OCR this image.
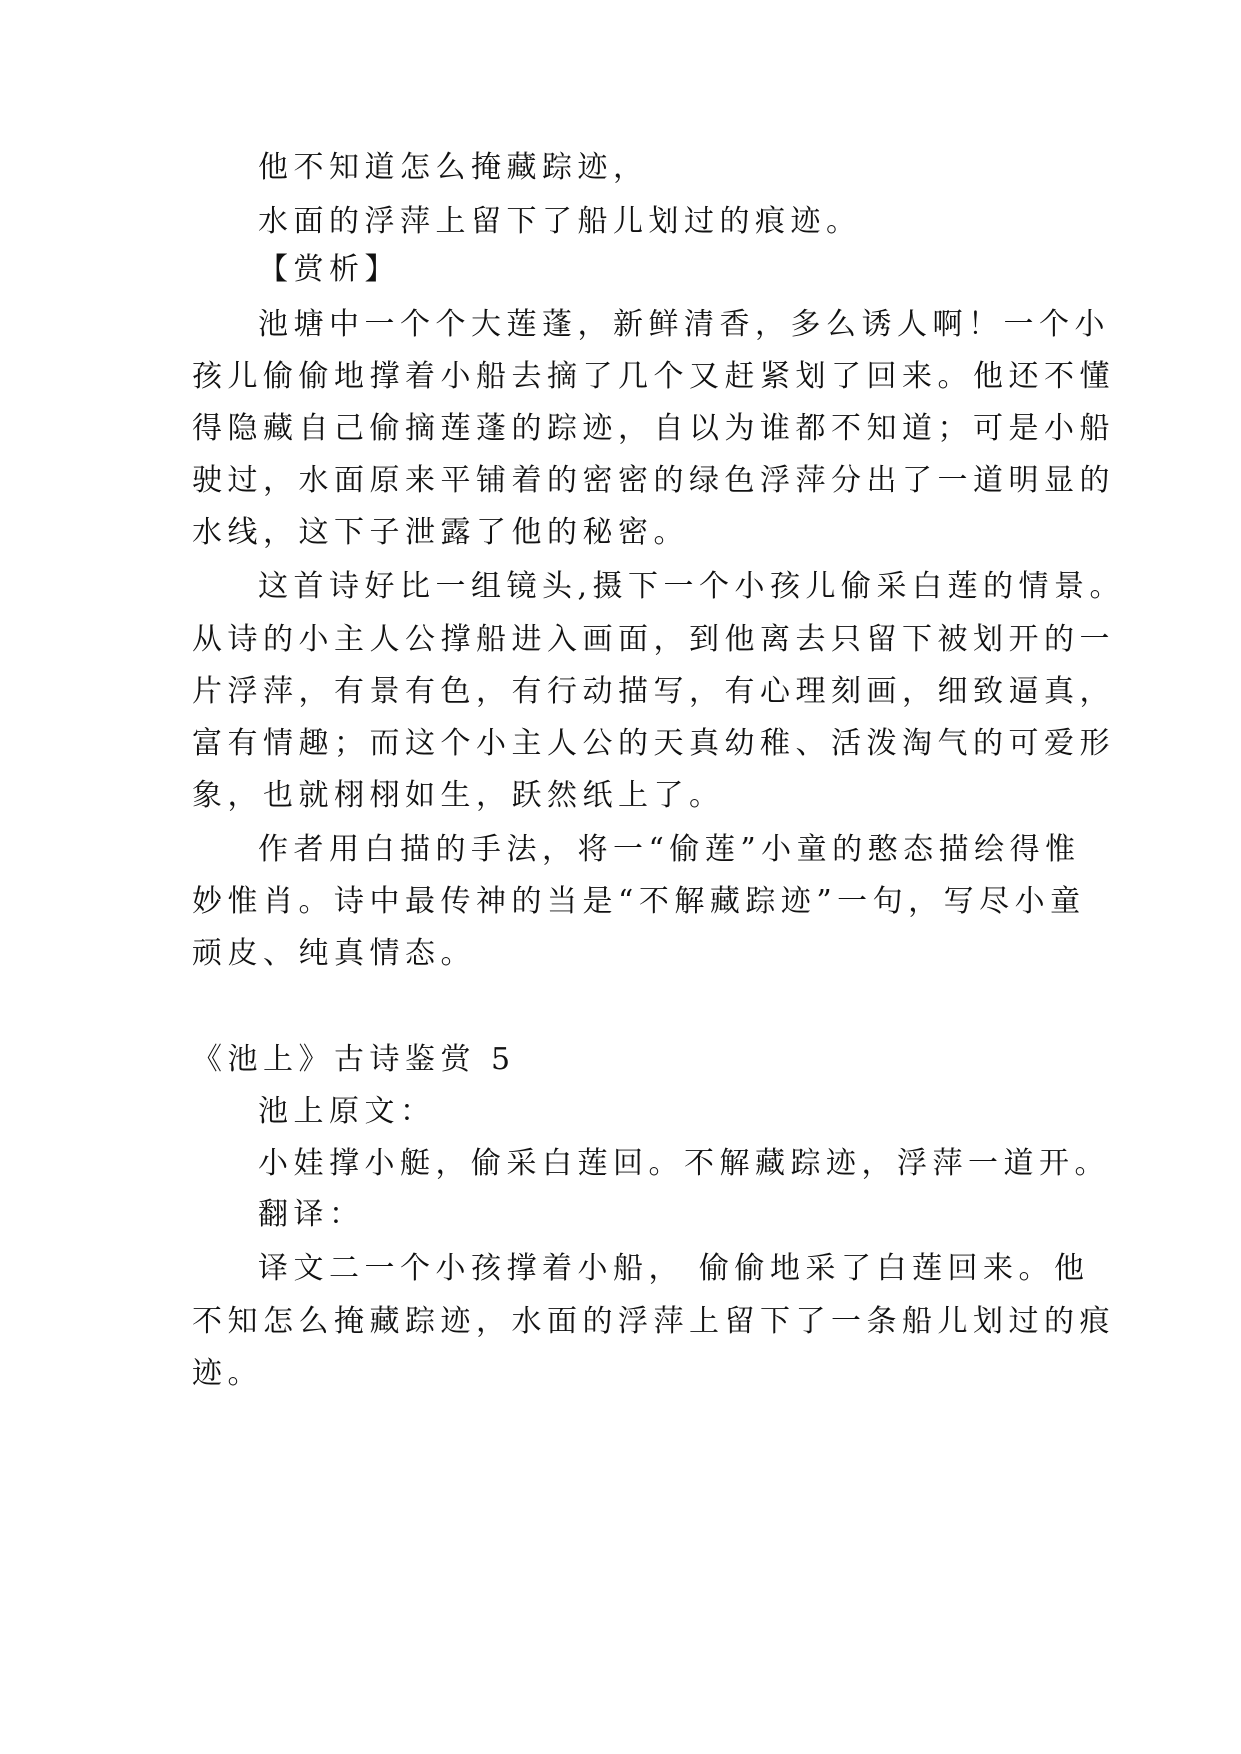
他不知道怎么掩藏踪迹，

水面的浮萍上留下了船儿划过的痕迹。

【赏析】

池塘中一个个大莲蓬，新鲜清香，多么诱人啊！一个小

孩儿偷偷地撑着小船去摘了几个又赶紧划了回来。他还不懂

得隐藏自己偷摘莲蓬的踪迹，自以为谁都不知道；可是小船

驶过，水面原来平铺着的密密的绿色浮萍分出了一道明显的

水线，这下子泄露了他的秘密。

这首诗好比一组镜头,摄下一个小孩儿偷采白莲的情景。

从诗的小主人公撑船进入画面，到他离去只留下被划开的一

片浮萍，有景有色，有行动描写，有心理刻画，细致逼真，

富有情趣；而这个小主人公的天真幼稚、活泼淘气的可爱形

象，也就栩栩如生，跃然纸上了。

作者用白描的手法，将一“偷莲”小童的憨态描绘得惟

妙惟肖。诗中最传神的当是“不解藏踪迹”一句，写尽小童

顽皮、纯真情态。

《池上》古诗鉴赏 5

池上原文：

小娃撑小艇，偷采白莲回。不解藏踪迹，浮萍一道开。

翻译：

译文二一个小孩撑着小船， 偷偷地采了白莲回来。他

不知怎么掩藏踪迹，水面的浮萍上留下了一条船儿划过的痕

迹。
